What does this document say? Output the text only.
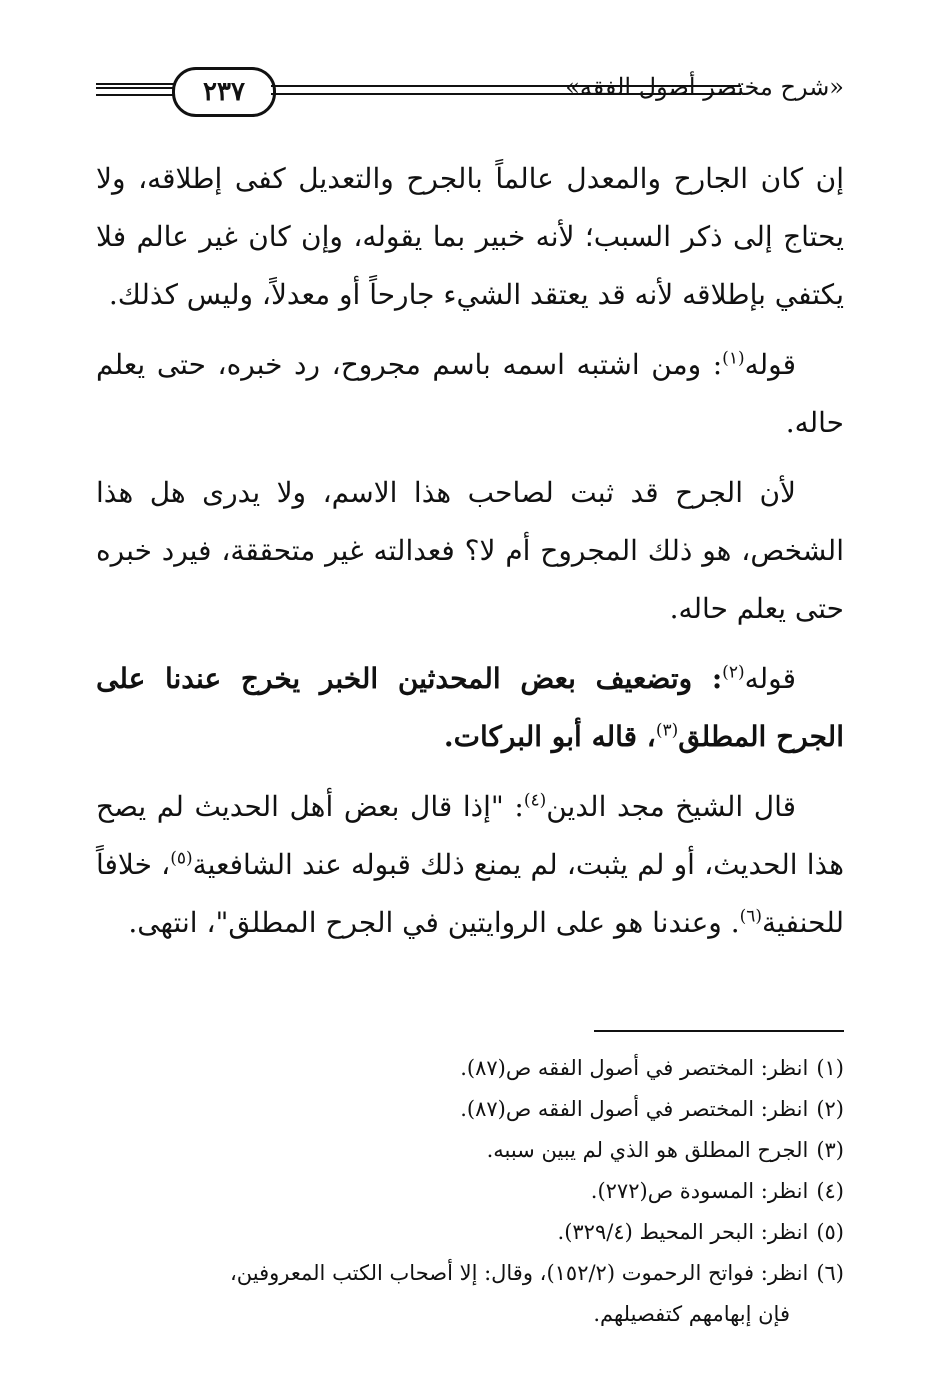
٢٣٧	«شرح مختصر أصول الفقه»

إن كان الجارح والمعدل عالماً بالجرح والتعديل كفى إطلاقه، ولا يحتاج إلى ذكر السبب؛ لأنه خبير بما يقوله، وإن كان غير عالم فلا يكتفي بإطلاقه لأنه قد يعتقد الشيء جارحاً أو معدلاً، وليس كذلك.

قوله$^{(١)}$: ومن اشتبه اسمه باسم مجروح، رد خبره، حتى يعلم حاله.

لأن الجرح قد ثبت لصاحب هذا الاسم، ولا يدرى هل هذا الشخص، هو ذلك المجروح أم لا؟ فعدالته غير متحققة، فيرد خبره حتى يعلم حاله.

قوله$^{(٢)}$: وتضعيف بعض المحدثين الخبر يخرج عندنا على الجرح المطلق$^{(٣)}$، قاله أبو البركات.

قال الشيخ مجد الدين$^{(٤)}$: "إذا قال بعض أهل الحديث لم يصح هذا الحديث، أو لم يثبت، لم يمنع ذلك قبوله عند الشافعية$^{(٥)}$، خلافاً للحنفية$^{(٦)}$. وعندنا هو على الروايتين في الجرح المطلق"، انتهى.

(١)انظر: المختصر في أصول الفقه ص(٨٧).

(٢)انظر: المختصر في أصول الفقه ص(٨٧).

(٣)الجرح المطلق هو الذي لم يبين سببه.

(٤)انظر: المسودة ص(٢٧٢).

(٥)انظر: البحر المحيط (٣٢٩/٤).

(٦)انظر: فواتح الرحموت (١٥٢/٢)، وقال: إلا أصحاب الكتب المعروفين،

فإن إبهامهم كتفصيلهم.
